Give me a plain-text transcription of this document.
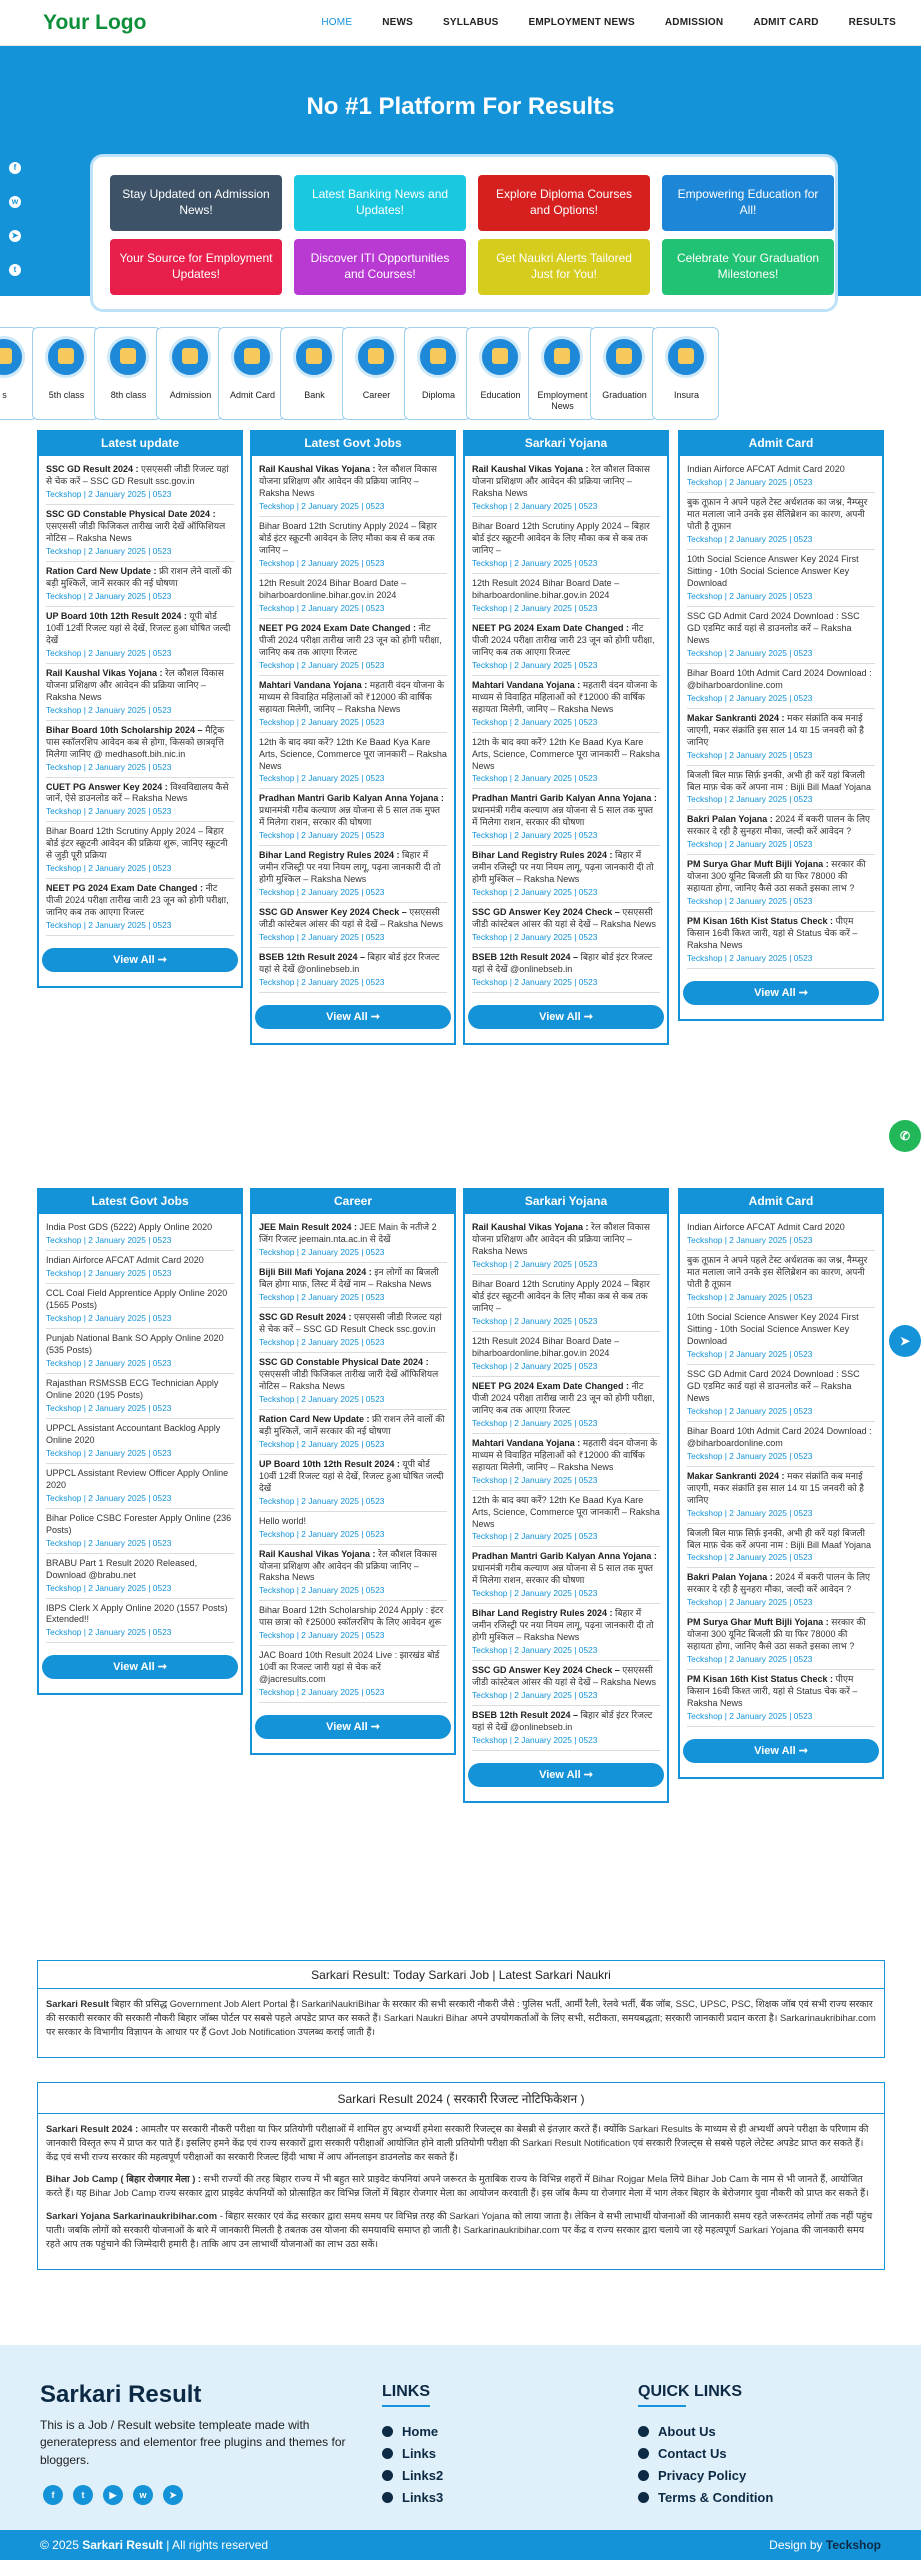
Your Logo	HOME	NEWS	SYLLABUS	EMPLOYMENT NEWS	ADMISSION	ADMIT CARD	RESULTS
No #1 Platform For Results
f
w
➤
t
Stay Updated on Admission News!
Latest Banking News and Updates!
Explore Diploma Courses and Options!
Empowering Education for All!
Your Source for Employment Updates!
Discover ITI Opportunities and Courses!
Get Naukri Alerts Tailored Just for You!
Celebrate Your Graduation Milestones!
s	5th class	8th class	Admission	Admit Card	Bank	Career	Diploma	Education	Employment News
Graduation	Insura
Latest update
SSC GD Result 2024 : एसएससी जीडी रिजल्ट यहां से चेक करें – SSC GD Result ssc.gov.in
Teckshop | 2 January 2025 | 0523
SSC GD Constable Physical Date 2024 : एसएससी जीडी फिजिकल तारीख जारी देखें ऑफिशियल नोटिस – Raksha News
Teckshop | 2 January 2025 | 0523
Ration Card New Update : फ्री राशन लेने वालों की बड़ी मुश्किलें, जानें सरकार की नई घोषणा
Teckshop | 2 January 2025 | 0523
UP Board 10th 12th Result 2024 : यूपी बोर्ड 10वीं 12वीं रिजल्ट यहां से देखें, रिजल्ट हुआ घोषित जल्दी देखें
Teckshop | 2 January 2025 | 0523
Rail Kaushal Vikas Yojana : रेल कौशल विकास योजना प्रशिक्षण और आवेदन की प्रक्रिया जानिए – Raksha News
Teckshop | 2 January 2025 | 0523
Bihar Board 10th Scholarship 2024 – मैट्रिक पास स्कॉलरशिप आवेदन कब से होगा, किसको छात्रवृत्ति मिलेगा जानिए @ medhasoft.bih.nic.in
Teckshop | 2 January 2025 | 0523
CUET PG Answer Key 2024 : विश्वविद्यालय कैसे जानें, ऐसे डाउनलोड करें – Raksha News
Teckshop | 2 January 2025 | 0523
Bihar Board 12th Scrutiny Apply 2024 – बिहार बोर्ड इंटर स्क्रूटनी आवेदन की प्रक्रिया शुरू, जानिए स्क्रूटनी से जुड़ी पूरी प्रक्रिया
Teckshop | 2 January 2025 | 0523
NEET PG 2024 Exam Date Changed : नीट पीजी 2024 परीक्षा तारीख जारी 23 जून को होगी परीक्षा, जानिए कब तक आएगा रिजल्ट
Teckshop | 2 January 2025 | 0523
View All ➞
Latest Govt Jobs
Rail Kaushal Vikas Yojana : रेल कौशल विकास योजना प्रशिक्षण और आवेदन की प्रक्रिया जानिए – Raksha News
Teckshop | 2 January 2025 | 0523
Bihar Board 12th Scrutiny Apply 2024 – बिहार बोर्ड इंटर स्क्रूटनी आवेदन के लिए मौका कब से कब तक जानिए –
Teckshop | 2 January 2025 | 0523
12th Result 2024 Bihar Board Date – biharboardonline.bihar.gov.in 2024
Teckshop | 2 January 2025 | 0523
NEET PG 2024 Exam Date Changed : नीट पीजी 2024 परीक्षा तारीख जारी 23 जून को होगी परीक्षा, जानिए कब तक आएगा रिजल्ट
Teckshop | 2 January 2025 | 0523
Mahtari Vandana Yojana : महतारी वंदन योजना के माध्यम से विवाहित महिलाओं को ₹12000 की वार्षिक सहायता मिलेगी, जानिए – Raksha News
Teckshop | 2 January 2025 | 0523
12th के बाद क्या करें? 12th Ke Baad Kya Kare Arts, Science, Commerce पूरा जानकारी – Raksha News
Teckshop | 2 January 2025 | 0523
Pradhan Mantri Garib Kalyan Anna Yojana : प्रधानमंत्री गरीब कल्याण अन्न योजना से 5 साल तक मुफ्त में मिलेगा राशन, सरकार की घोषणा
Teckshop | 2 January 2025 | 0523
Bihar Land Registry Rules 2024 : बिहार में जमीन रजिस्ट्री पर नया नियम लागू, पढ़ना जानकारी दी तो होगी मुश्किल – Raksha News
Teckshop | 2 January 2025 | 0523
SSC GD Answer Key 2024 Check – एसएससी जीडी कांस्टेबल आंसर की यहां से देखें – Raksha News
Teckshop | 2 January 2025 | 0523
BSEB 12th Result 2024 – बिहार बोर्ड इंटर रिजल्ट यहां से देखें @onlinebseb.in
Teckshop | 2 January 2025 | 0523
View All ➞
Sarkari Yojana
Rail Kaushal Vikas Yojana : रेल कौशल विकास योजना प्रशिक्षण और आवेदन की प्रक्रिया जानिए – Raksha News
Teckshop | 2 January 2025 | 0523
Bihar Board 12th Scrutiny Apply 2024 – बिहार बोर्ड इंटर स्क्रूटनी आवेदन के लिए मौका कब से कब तक जानिए –
Teckshop | 2 January 2025 | 0523
12th Result 2024 Bihar Board Date – biharboardonline.bihar.gov.in 2024
Teckshop | 2 January 2025 | 0523
NEET PG 2024 Exam Date Changed : नीट पीजी 2024 परीक्षा तारीख जारी 23 जून को होगी परीक्षा, जानिए कब तक आएगा रिजल्ट
Teckshop | 2 January 2025 | 0523
Mahtari Vandana Yojana : महतारी वंदन योजना के माध्यम से विवाहित महिलाओं को ₹12000 की वार्षिक सहायता मिलेगी, जानिए – Raksha News
Teckshop | 2 January 2025 | 0523
12th के बाद क्या करें? 12th Ke Baad Kya Kare Arts, Science, Commerce पूरा जानकारी – Raksha News
Teckshop | 2 January 2025 | 0523
Pradhan Mantri Garib Kalyan Anna Yojana : प्रधानमंत्री गरीब कल्याण अन्न योजना से 5 साल तक मुफ्त में मिलेगा राशन, सरकार की घोषणा
Teckshop | 2 January 2025 | 0523
Bihar Land Registry Rules 2024 : बिहार में जमीन रजिस्ट्री पर नया नियम लागू, पढ़ना जानकारी दी तो होगी मुश्किल – Raksha News
Teckshop | 2 January 2025 | 0523
SSC GD Answer Key 2024 Check – एसएससी जीडी कांस्टेबल आंसर की यहां से देखें – Raksha News
Teckshop | 2 January 2025 | 0523
BSEB 12th Result 2024 – बिहार बोर्ड इंटर रिजल्ट यहां से देखें @onlinebseb.in
Teckshop | 2 January 2025 | 0523
View All ➞
Admit Card
Indian Airforce AFCAT Admit Card 2020
Teckshop | 2 January 2025 | 0523
बुक तूफ़ान ने अपने पहले टेस्ट अर्धशतक का जश्न, नैम्प्सुर मात मलाला जाने उनके इस सेलिब्रेशन का कारण, अपनी पोती है तूफ़ान
Teckshop | 2 January 2025 | 0523
10th Social Science Answer Key 2024 First Sitting - 10th Social Science Answer Key Download
Teckshop | 2 January 2025 | 0523
SSC GD Admit Card 2024 Download : SSC GD एडमिट कार्ड यहां से डाउनलोड करें – Raksha News
Teckshop | 2 January 2025 | 0523
Bihar Board 10th Admit Card 2024 Download : @biharboardonline.com
Teckshop | 2 January 2025 | 0523
Makar Sankranti 2024 : मकर संक्रांति कब मनाई जाएगी, मकर संक्रांति इस साल 14 या 15 जनवरी को है जानिए
Teckshop | 2 January 2025 | 0523
बिजली बिल माफ़ सिर्फ़ इनकी, अभी ही करें यहां बिजली बिल माफ़ चेक करें अपना नाम : Bijli Bill Maaf Yojana
Teckshop | 2 January 2025 | 0523
Bakri Palan Yojana : 2024 में बकरी पालन के लिए सरकार दे रही है सुनहरा मौका, जल्दी करें आवेदन ?
Teckshop | 2 January 2025 | 0523
PM Surya Ghar Muft Bijli Yojana : सरकार की योजना 300 यूनिट बिजली फ्री या फिर 78000 की सहायता होगा, जानिए कैसे उठा सकते इसका लाभ ?
Teckshop | 2 January 2025 | 0523
PM Kisan 16th Kist Status Check : पीएम किसान 16वी किश्त जारी, यहां से Status चेक करें – Raksha News
Teckshop | 2 January 2025 | 0523
View All ➞
Latest Govt Jobs
India Post GDS (5222) Apply Online 2020
Teckshop | 2 January 2025 | 0523
Indian Airforce AFCAT Admit Card 2020
Teckshop | 2 January 2025 | 0523
CCL Coal Field Apprentice Apply Online 2020 (1565 Posts)
Teckshop | 2 January 2025 | 0523
Punjab National Bank SO Apply Online 2020 (535 Posts)
Teckshop | 2 January 2025 | 0523
Rajasthan RSMSSB ECG Technician Apply Online 2020 (195 Posts)
Teckshop | 2 January 2025 | 0523
UPPCL Assistant Accountant Backlog Apply Online 2020
Teckshop | 2 January 2025 | 0523
UPPCL Assistant Review Officer Apply Online 2020
Teckshop | 2 January 2025 | 0523
Bihar Police CSBC Forester Apply Online (236 Posts)
Teckshop | 2 January 2025 | 0523
BRABU Part 1 Result 2020 Released, Download @brabu.net
Teckshop | 2 January 2025 | 0523
IBPS Clerk X Apply Online 2020 (1557 Posts) Extended!!
Teckshop | 2 January 2025 | 0523
View All ➞
Career
JEE Main Result 2024 : JEE Main के नतीजे 2 जिंग रिजल्ट jeemain.nta.ac.in से देखें
Teckshop | 2 January 2025 | 0523
Bijli Bill Mafi Yojana 2024 : इन लोगों का बिजली बिल होगा माफ़, लिस्ट में देखें नाम – Raksha News
Teckshop | 2 January 2025 | 0523
SSC GD Result 2024 : एसएससी जीडी रिजल्ट यहां से चेक करें – SSC GD Result Check ssc.gov.in
Teckshop | 2 January 2025 | 0523
SSC GD Constable Physical Date 2024 : एसएससी जीडी फिजिकल तारीख जारी देखें ऑफिशियल नोटिस – Raksha News
Teckshop | 2 January 2025 | 0523
Ration Card New Update : फ्री राशन लेने वालों की बड़ी मुश्किलें, जानें सरकार की नई घोषणा
Teckshop | 2 January 2025 | 0523
UP Board 10th 12th Result 2024 : यूपी बोर्ड 10वीं 12वीं रिजल्ट यहां से देखें, रिजल्ट हुआ घोषित जल्दी देखें
Teckshop | 2 January 2025 | 0523
Hello world!
Teckshop | 2 January 2025 | 0523
Rail Kaushal Vikas Yojana : रेल कौशल विकास योजना प्रशिक्षण और आवेदन की प्रक्रिया जानिए – Raksha News
Teckshop | 2 January 2025 | 0523
Bihar Board 12th Scholarship 2024 Apply : इंटर पास छात्रा को ₹25000 स्कॉलरशिप के लिए आवेदन शुरू
Teckshop | 2 January 2025 | 0523
JAC Board 10th Result 2024 Live : झारखंड बोर्ड 10वीं का रिजल्ट जारी यहां से चेक करें @jacresults.com
Teckshop | 2 January 2025 | 0523
View All ➞
Sarkari Yojana
Rail Kaushal Vikas Yojana : रेल कौशल विकास योजना प्रशिक्षण और आवेदन की प्रक्रिया जानिए – Raksha News
Teckshop | 2 January 2025 | 0523
Bihar Board 12th Scrutiny Apply 2024 – बिहार बोर्ड इंटर स्क्रूटनी आवेदन के लिए मौका कब से कब तक जानिए –
Teckshop | 2 January 2025 | 0523
12th Result 2024 Bihar Board Date – biharboardonline.bihar.gov.in 2024
Teckshop | 2 January 2025 | 0523
NEET PG 2024 Exam Date Changed : नीट पीजी 2024 परीक्षा तारीख जारी 23 जून को होगी परीक्षा, जानिए कब तक आएगा रिजल्ट
Teckshop | 2 January 2025 | 0523
Mahtari Vandana Yojana : महतारी वंदन योजना के माध्यम से विवाहित महिलाओं को ₹12000 की वार्षिक सहायता मिलेगी, जानिए – Raksha News
Teckshop | 2 January 2025 | 0523
12th के बाद क्या करें? 12th Ke Baad Kya Kare Arts, Science, Commerce पूरा जानकारी – Raksha News
Teckshop | 2 January 2025 | 0523
Pradhan Mantri Garib Kalyan Anna Yojana : प्रधानमंत्री गरीब कल्याण अन्न योजना से 5 साल तक मुफ्त में मिलेगा राशन, सरकार की घोषणा
Teckshop | 2 January 2025 | 0523
Bihar Land Registry Rules 2024 : बिहार में जमीन रजिस्ट्री पर नया नियम लागू, पढ़ना जानकारी दी तो होगी मुश्किल – Raksha News
Teckshop | 2 January 2025 | 0523
SSC GD Answer Key 2024 Check – एसएससी जीडी कांस्टेबल आंसर की यहां से देखें – Raksha News
Teckshop | 2 January 2025 | 0523
BSEB 12th Result 2024 – बिहार बोर्ड इंटर रिजल्ट यहां से देखें @onlinebseb.in
Teckshop | 2 January 2025 | 0523
View All ➞
Admit Card
Indian Airforce AFCAT Admit Card 2020
Teckshop | 2 January 2025 | 0523
बुक तूफ़ान ने अपने पहले टेस्ट अर्धशतक का जश्न, नैम्प्सुर मात मलाला जाने उनके इस सेलिब्रेशन का कारण, अपनी पोती है तूफ़ान
Teckshop | 2 January 2025 | 0523
10th Social Science Answer Key 2024 First Sitting - 10th Social Science Answer Key Download
Teckshop | 2 January 2025 | 0523
SSC GD Admit Card 2024 Download : SSC GD एडमिट कार्ड यहां से डाउनलोड करें – Raksha News
Teckshop | 2 January 2025 | 0523
Bihar Board 10th Admit Card 2024 Download : @biharboardonline.com
Teckshop | 2 January 2025 | 0523
Makar Sankranti 2024 : मकर संक्रांति कब मनाई जाएगी, मकर संक्रांति इस साल 14 या 15 जनवरी को है जानिए
Teckshop | 2 January 2025 | 0523
बिजली बिल माफ़ सिर्फ़ इनकी, अभी ही करें यहां बिजली बिल माफ़ चेक करें अपना नाम : Bijli Bill Maaf Yojana
Teckshop | 2 January 2025 | 0523
Bakri Palan Yojana : 2024 में बकरी पालन के लिए सरकार दे रही है सुनहरा मौका, जल्दी करें आवेदन ?
Teckshop | 2 January 2025 | 0523
PM Surya Ghar Muft Bijli Yojana : सरकार की योजना 300 यूनिट बिजली फ्री या फिर 78000 की सहायता होगा, जानिए कैसे उठा सकते इसका लाभ ?
Teckshop | 2 January 2025 | 0523
PM Kisan 16th Kist Status Check : पीएम किसान 16वी किश्त जारी, यहां से Status चेक करें – Raksha News
Teckshop | 2 January 2025 | 0523
View All ➞
Sarkari Result: Today Sarkari Job | Latest Sarkari Naukri

Sarkari Result बिहार की प्रसिद्ध Government Job Alert Portal है। SarkariNaukriBihar के सरकार की सभी सरकारी नौकरी जैसे : पुलिस भर्ती, आर्मी रैली, रेलवे भर्ती, बैंक जॉब, SSC, UPSC, PSC, शिक्षक जॉब एवं सभी राज्य सरकार की सरकारी सरकार की सरकारी नौकरी बिहार जॉब्स पोर्टल पर सबसे पहले अपडेट प्राप्त कर सकते हैं। Sarkari Naukri Bihar अपने उपयोगकर्ताओं के लिए सभी, सटीकता, समयबद्धता; सरकारी जानकारी प्रदान करता है। Sarkarinaukribihar.com पर सरकार के विभागीय विज्ञापन के आधार पर हैं Govt Job Notification उपलब्ध कराई जाती हैं।

Sarkari Result 2024 ( सरकारी रिजल्ट नोटिफिकेशन )

Sarkari Result 2024 : आमतौर पर सरकारी नौकरी परीक्षा या फिर प्रतियोगी परीक्षाओं में शामिल हुए अभ्यर्थी हमेशा सरकारी रिजल्ट्स का बेसब्री से इंतज़ार करते हैं। क्योंकि Sarkari Results के माध्यम से ही अभ्यर्थी अपने परीक्षा के परिणाम की जानकारी विस्तृत रूप में प्राप्त कर पाते हैं। इसलिए हमने केंद्र एवं राज्य सरकारों द्वारा सरकारी परीक्षाओं आयोजित होने वाली प्रतियोगी परीक्षा की Sarkari Result Notification एवं सरकारी रिजल्ट्स से सबसे पहले लेटेस्ट अपडेट प्राप्त कर सकते हैं। केंद्र एवं सभी राज्य सरकार की महत्वपूर्ण परीक्षाओं का सरकारी रिजल्ट हिंदी भाषा में आप ऑनलाइन डाउनलोड कर सकते हैं।

Bihar Job Camp ( बिहार रोजगार मेला ) : सभी राज्यों की तरह बिहार राज्य में भी बहुत सारे प्राइवेट कंपनियां अपने जरूरत के मुताबिक राज्य के विभिन्न शहरों में Bihar Rojgar Mela लिये Bihar Job Cam के नाम से भी जानते हैं, आयोजित करते हैं। यह Bihar Job Camp राज्य सरकार द्वारा प्राइवेट कंपनियों को प्रोत्साहित कर विभिन्न जिलों में बिहार रोजगार मेला का आयोजन करवाती हैं। इस जॉब कैम्प या रोजगार मेला में भाग लेकर बिहार के बेरोजगार युवा नौकरी को प्राप्त कर सकते हैं।

Sarkari Yojana Sarkarinaukribihar.com - बिहार सरकार एवं केंद्र सरकार द्वारा समय समय पर विभिन्न तरह की Sarkari Yojana को लाया जाता है। लेकिन वे सभी लाभार्थी योजनाओं की जानकारी समय रहते जरूरतमंद लोगों तक नहीं पहुंच पाती। जबकि लोगों को सरकारी योजनाओं के बारे में जानकारी मिलती है तबतक उस योजना की समयावधि समाप्त हो जाती है। Sarkarinaukribihar.com पर केंद्र व राज्य सरकार द्वारा चलाये जा रहे महत्वपूर्ण Sarkari Yojana की जानकारी समय रहते आप तक पहुंचाने की जिम्मेदारी हमारी है। ताकि आप उन लाभार्थी योजनाओं का लाभ उठा सकें।

Sarkari Result
This is a Job / Result website templeate made with generatepress and elementor free plugins and themes for bloggers.
f	t	▶	w	➤
LINKS
Home
Links
Links2
Links3
QUICK LINKS
About Us
Contact Us
Privacy Policy
Terms & Condition
© 2025 Sarkari Result | All rights reserved	Design by Teckshop
✆
➤
